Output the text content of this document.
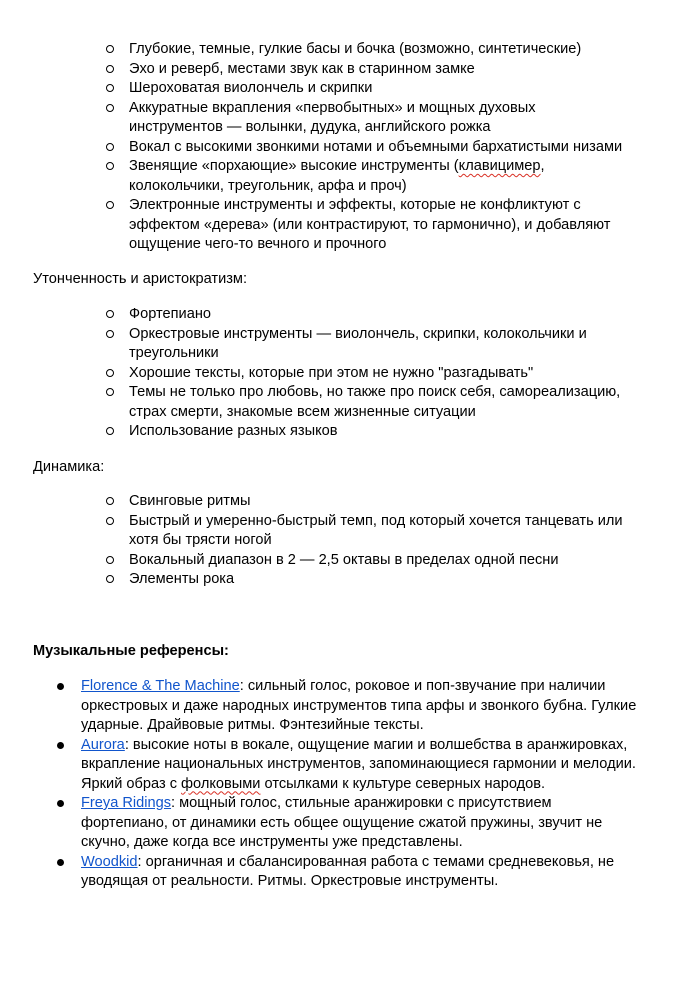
Глубокие, темные, гулкие басы и бочка (возможно, синтетические)
Эхо и реверб, местами звук как в старинном замке
Шероховатая виолончель и скрипки
Аккуратные вкрапления «первобытных» и мощных духовых инструментов — волынки, дудука, английского рожка
Вокал с высокими звонкими нотами и объемными бархатистыми низами
Звенящие «порхающие» высокие инструменты (клавицимер, колокольчики, треугольник, арфа и проч)
Электронные инструменты и эффекты, которые не конфликтуют с эффектом «дерева» (или контрастируют, то гармонично), и добавляют ощущение чего-то вечного и прочного

Утонченность и аристократизм:

Фортепиано
Оркестровые инструменты — виолончель, скрипки, колокольчики и треугольники
Хорошие тексты, которые при этом не нужно "разгадывать"
Темы не только про любовь, но также про поиск себя, самореализацию, страх смерти, знакомые всем жизненные ситуации
Использование разных языков

Динамика:

Свинговые ритмы
Быстрый и умеренно-быстрый темп, под который хочется танцевать или хотя бы трясти ногой
Вокальный диапазон в 2 — 2,5 октавы в пределах одной песни
Элементы рока

Музыкальные референсы:

Florence & The Machine: сильный голос, роковое и поп-звучание при наличии оркестровых и даже народных инструментов типа арфы и звонкого бубна. Гулкие ударные. Драйвовые ритмы. Фэнтезийные тексты.
Aurora: высокие ноты в вокале, ощущение магии и волшебства в аранжировках, вкрапление национальных инструментов, запоминающиеся гармонии и мелодии. Яркий образ с фолковыми отсылками к культуре северных народов.
Freya Ridings: мощный голос, стильные аранжировки с присутствием фортепиано, от динамики есть общее ощущение сжатой пружины, звучит не скучно, даже когда все инструменты уже представлены.
Woodkid: органичная и сбалансированная работа с темами средневековья, не уводящая от реальности. Ритмы. Оркестровые инструменты.
